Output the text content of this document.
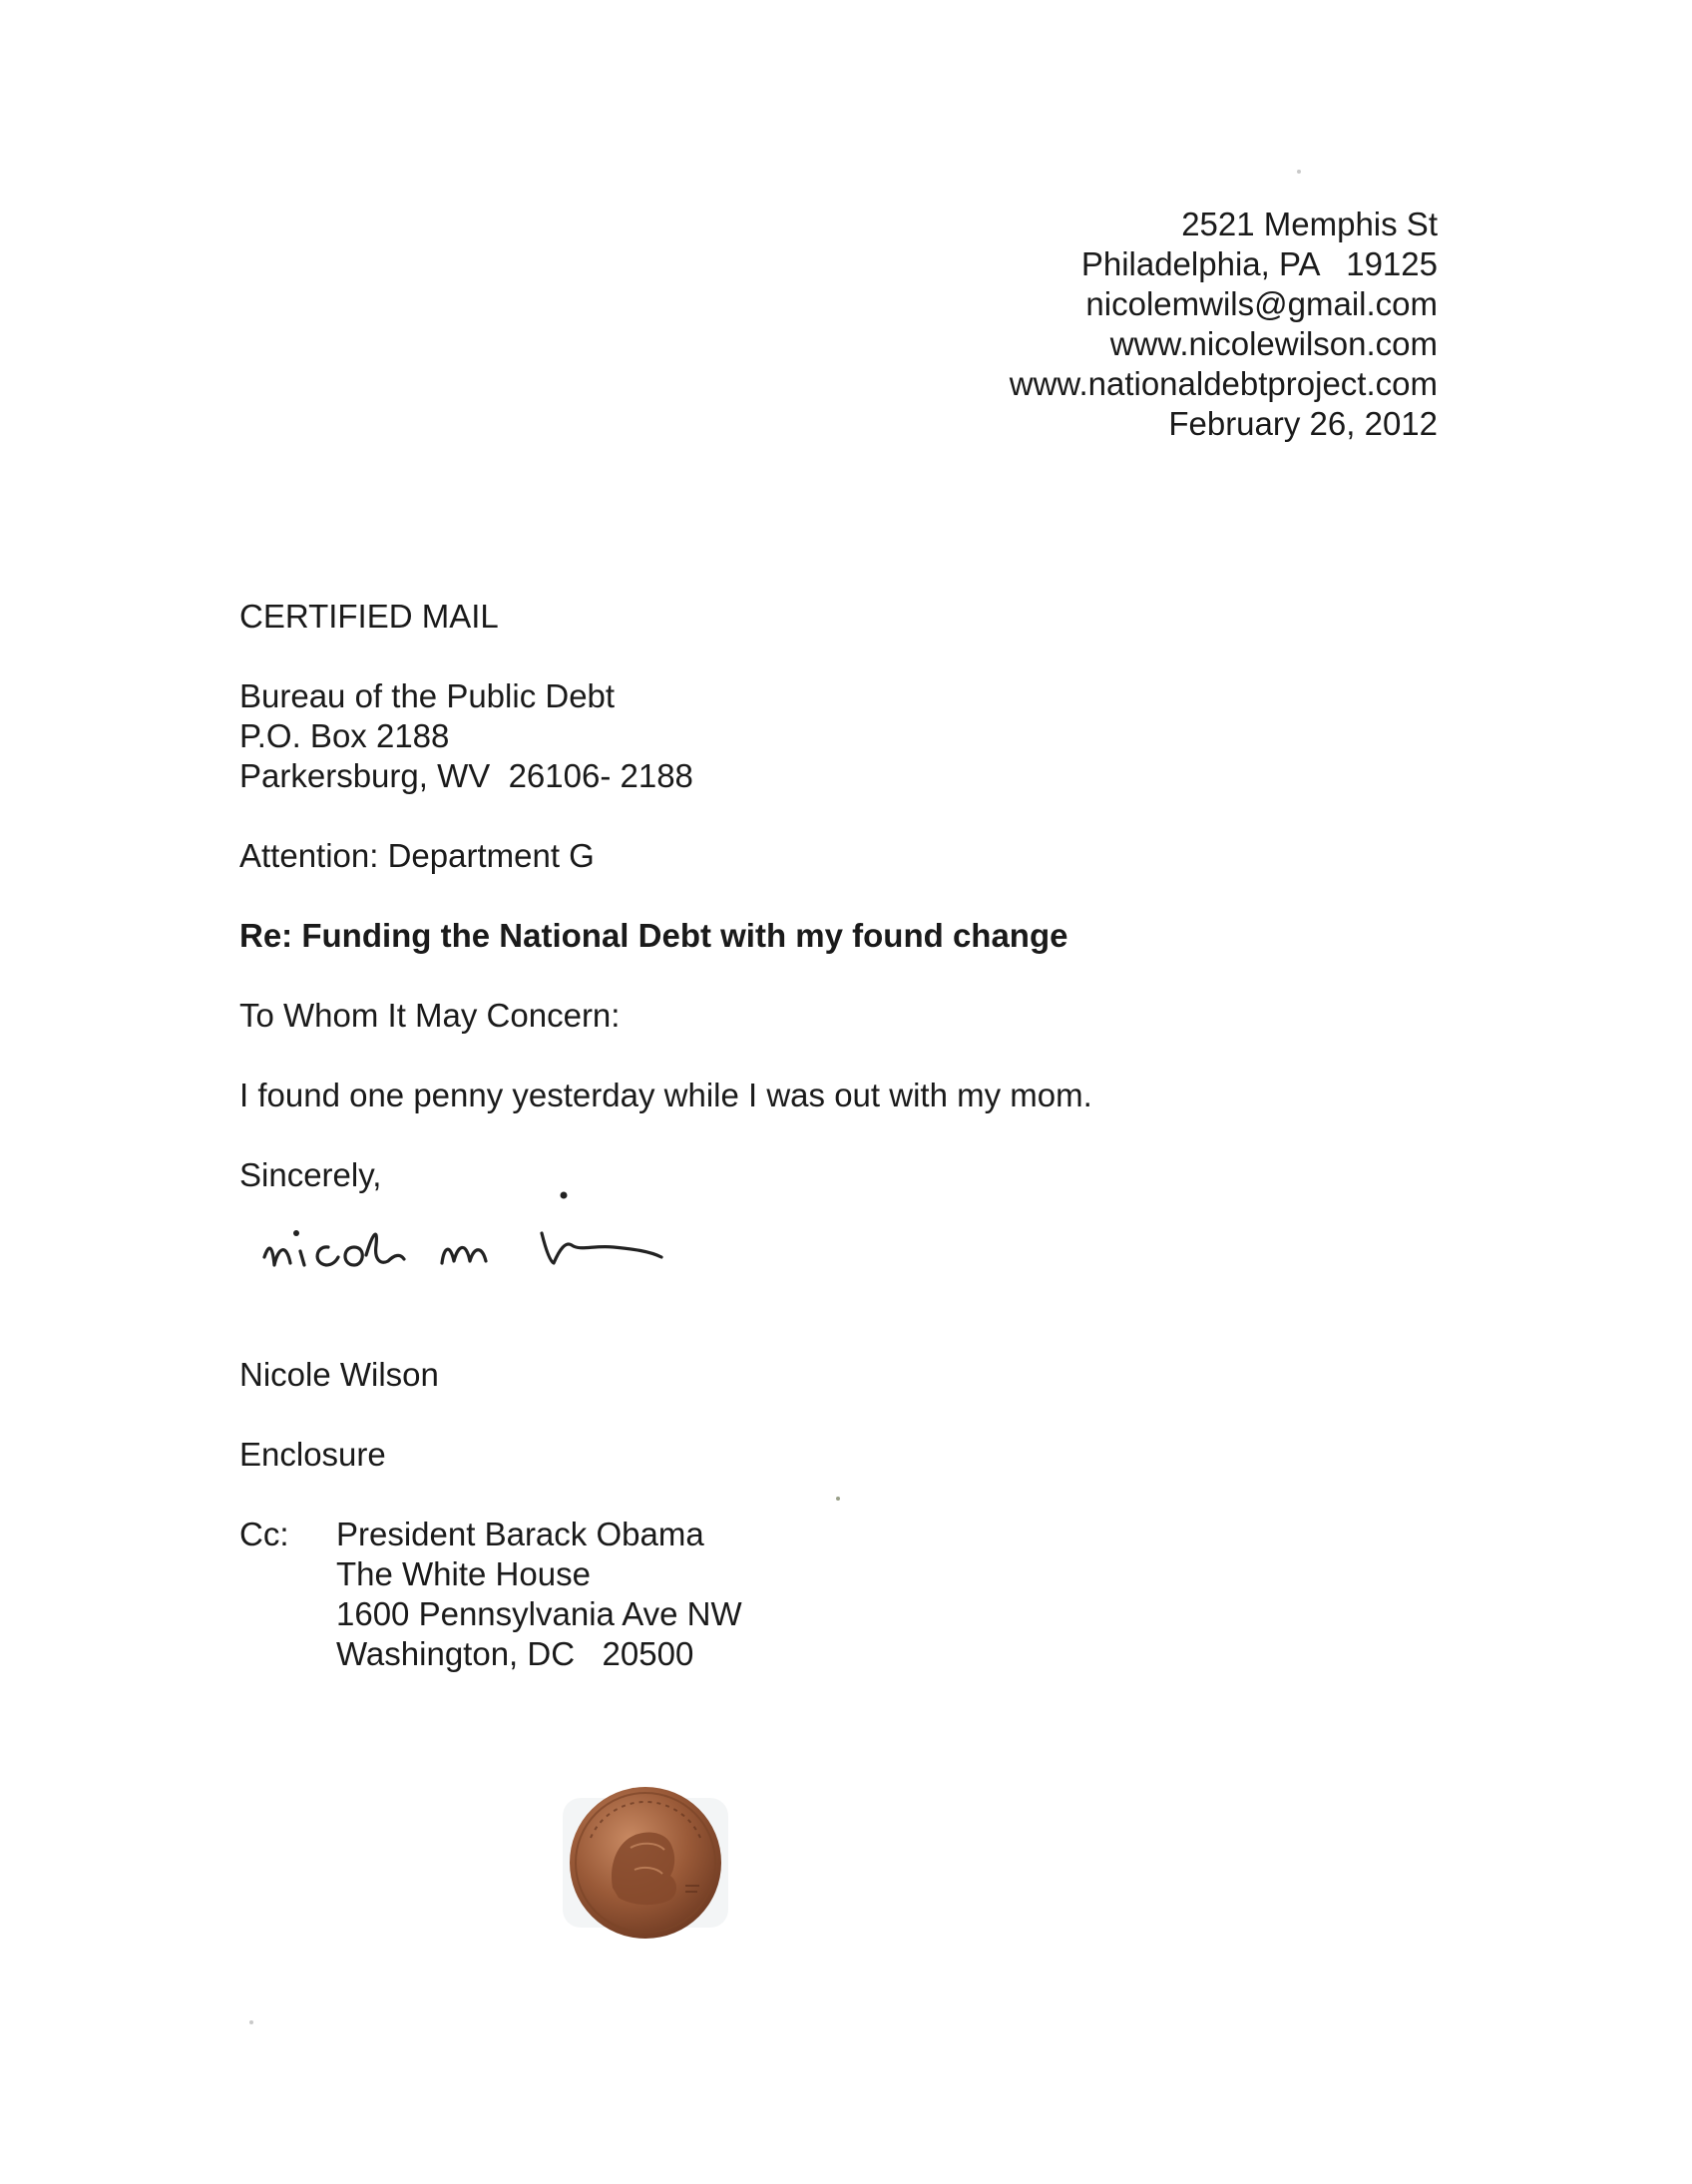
2521 Memphis St
Philadelphia, PA   19125
nicolemwils@gmail.com
www.nicolewilson.com
www.nationaldebtproject.com
February 26, 2012
CERTIFIED MAIL
Bureau of the Public Debt
P.O. Box 2188
Parkersburg, WV  26106- 2188
Attention: Department G
Re: Funding the National Debt with my found change
To Whom It May Concern:
I found one penny yesterday while I was out with my mom.
Sincerely,
Nicole Wilson
Enclosure
Cc: President Barack Obama
The White House
1600 Pennsylvania Ave NW
Washington, DC   20500
